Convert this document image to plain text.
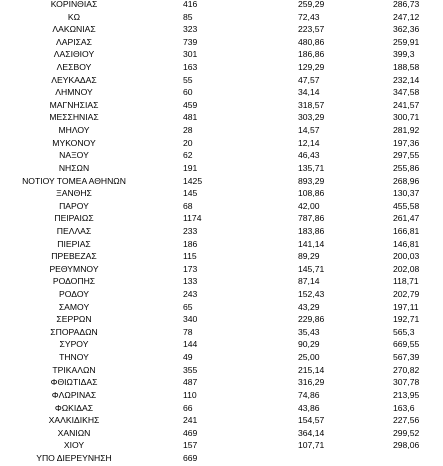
ΚΟΡΙΝΘΙΑΣ	416	259,29	286,73
ΚΩ	85	72,43	247,12
ΛΑΚΩΝΙΑΣ	323	223,57	362,36
ΛΑΡΙΣΑΣ	739	480,86	259,91
ΛΑΣΙΘΙΟΥ	301	186,86	399,3
ΛΕΣΒΟΥ	163	129,29	188,58
ΛΕΥΚΑΔΑΣ	55	47,57	232,14
ΛΗΜΝΟΥ	60	34,14	347,58
ΜΑΓΝΗΣΙΑΣ	459	318,57	241,57
ΜΕΣΣΗΝΙΑΣ	481	303,29	300,71
ΜΗΛΟΥ	28	14,57	281,92
ΜΥΚΟΝΟΥ	20	12,14	197,36
ΝΑΞΟΥ	62	46,43	297,55
ΝΗΣΩΝ	191	135,71	255,86
ΝΟΤΙΟΥ ΤΟΜΕΑ ΑΘΗΝΩΝ	1425	893,29	268,96
ΞΑΝΘΗΣ	145	108,86	130,37
ΠΑΡΟΥ	68	42,00	455,58
ΠΕΙΡΑΙΩΣ	1174	787,86	261,47
ΠΕΛΛΑΣ	233	183,86	166,81
ΠΙΕΡΙΑΣ	186	141,14	146,81
ΠΡΕΒΕΖΑΣ	115	89,29	200,03
ΡΕΘΥΜΝΟΥ	173	145,71	202,08
ΡΟΔΟΠΗΣ	133	87,14	118,71
ΡΟΔΟΥ	243	152,43	202,79
ΣΑΜΟΥ	65	43,29	197,11
ΣΕΡΡΩΝ	340	229,86	192,71
ΣΠΟΡΑΔΩΝ	78	35,43	565,3
ΣΥΡΟΥ	144	90,29	669,55
ΤΗΝΟΥ	49	25,00	567,39
ΤΡΙΚΑΛΩΝ	355	215,14	270,82
ΦΘΙΩΤΙΔΑΣ	487	316,29	307,78
ΦΛΩΡΙΝΑΣ	110	74,86	213,95
ΦΩΚΙΔΑΣ	66	43,86	163,6
ΧΑΛΚΙΔΙΚΗΣ	241	154,57	227,56
ΧΑΝΙΩΝ	469	364,14	299,52
ΧΙΟΥ	157	107,71	298,06
ΥΠΟ ΔΙΕΡΕΥΝΗΣΗ	669		
